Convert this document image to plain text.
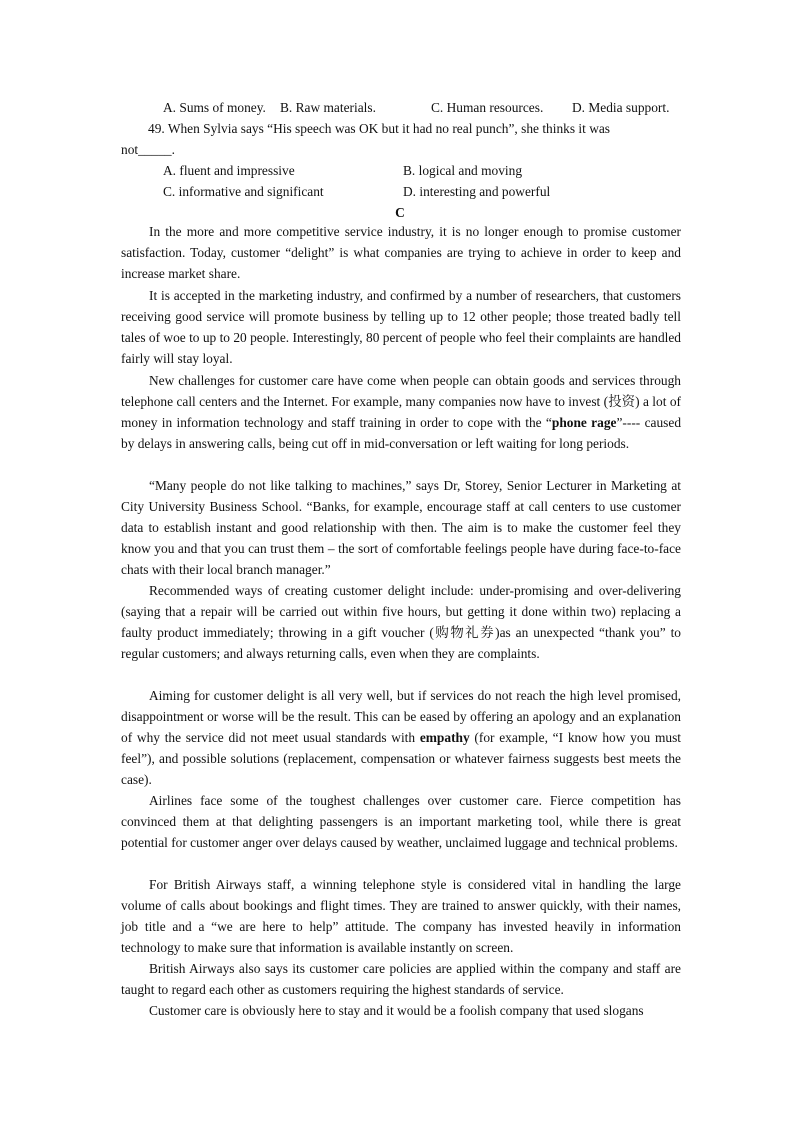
A. Sums of money. B. Raw materials.	C. Human resources. D. Media support.
49. When Sylvia says “His speech was OK but it had no real punch”, she thinks it was
not_____.
A. fluent and impressive	B. logical and moving
C. informative and significant	D. interesting and powerful
C

In the more and more competitive service industry, it is no longer enough to promise customer satisfaction. Today, customer “delight” is what companies are trying to achieve in order to keep and increase market share.

It is accepted in the marketing industry, and confirmed by a number of researchers, that customers receiving good service will promote business by telling up to 12 other people; those treated badly tell tales of woe to up to 20 people. Interestingly, 80 percent of people who feel their complaints are handled fairly will stay loyal.

New challenges for customer care have come when people can obtain goods and services through telephone call centers and the Internet. For example, many companies now have to invest (投资) a lot of money in information technology and staff training in order to cope with the “phone rage”---- caused by delays in answering calls, being cut off in mid-conversation or left waiting for long periods.

“Many people do not like talking to machines,” says Dr, Storey, Senior Lecturer in Marketing at City University Business School. “Banks, for example, encourage staff at call centers to use customer data to establish instant and good relationship with then. The aim is to make the customer feel they know you and that you can trust them – the sort of comfortable feelings people have during face-to-face chats with their local branch manager.”

Recommended ways of creating customer delight include: under-promising and over-delivering (saying that a repair will be carried out within five hours, but getting it done within two) replacing a faulty product immediately; throwing in a gift voucher (购物礼券)as an unexpected “thank you” to regular customers; and always returning calls, even when they are complaints.

Aiming for customer delight is all very well, but if services do not reach the high level promised, disappointment or worse will be the result. This can be eased by offering an apology and an explanation of why the service did not meet usual standards with empathy (for example, “I know how you must feel”), and possible solutions (replacement, compensation or whatever fairness suggests best meets the case).

Airlines face some of the toughest challenges over customer care. Fierce competition has convinced them at that delighting passengers is an important marketing tool, while there is great potential for customer anger over delays caused by weather, unclaimed luggage and technical problems.

For British Airways staff, a winning telephone style is considered vital in handling the large volume of calls about bookings and flight times. They are trained to answer quickly, with their names, job title and a “we are here to help” attitude. The company has invested heavily in information technology to make sure that information is available instantly on screen.

British Airways also says its customer care policies are applied within the company and staff are taught to regard each other as customers requiring the highest standards of service.

Customer care is obviously here to stay and it would be a foolish company that used slogans
